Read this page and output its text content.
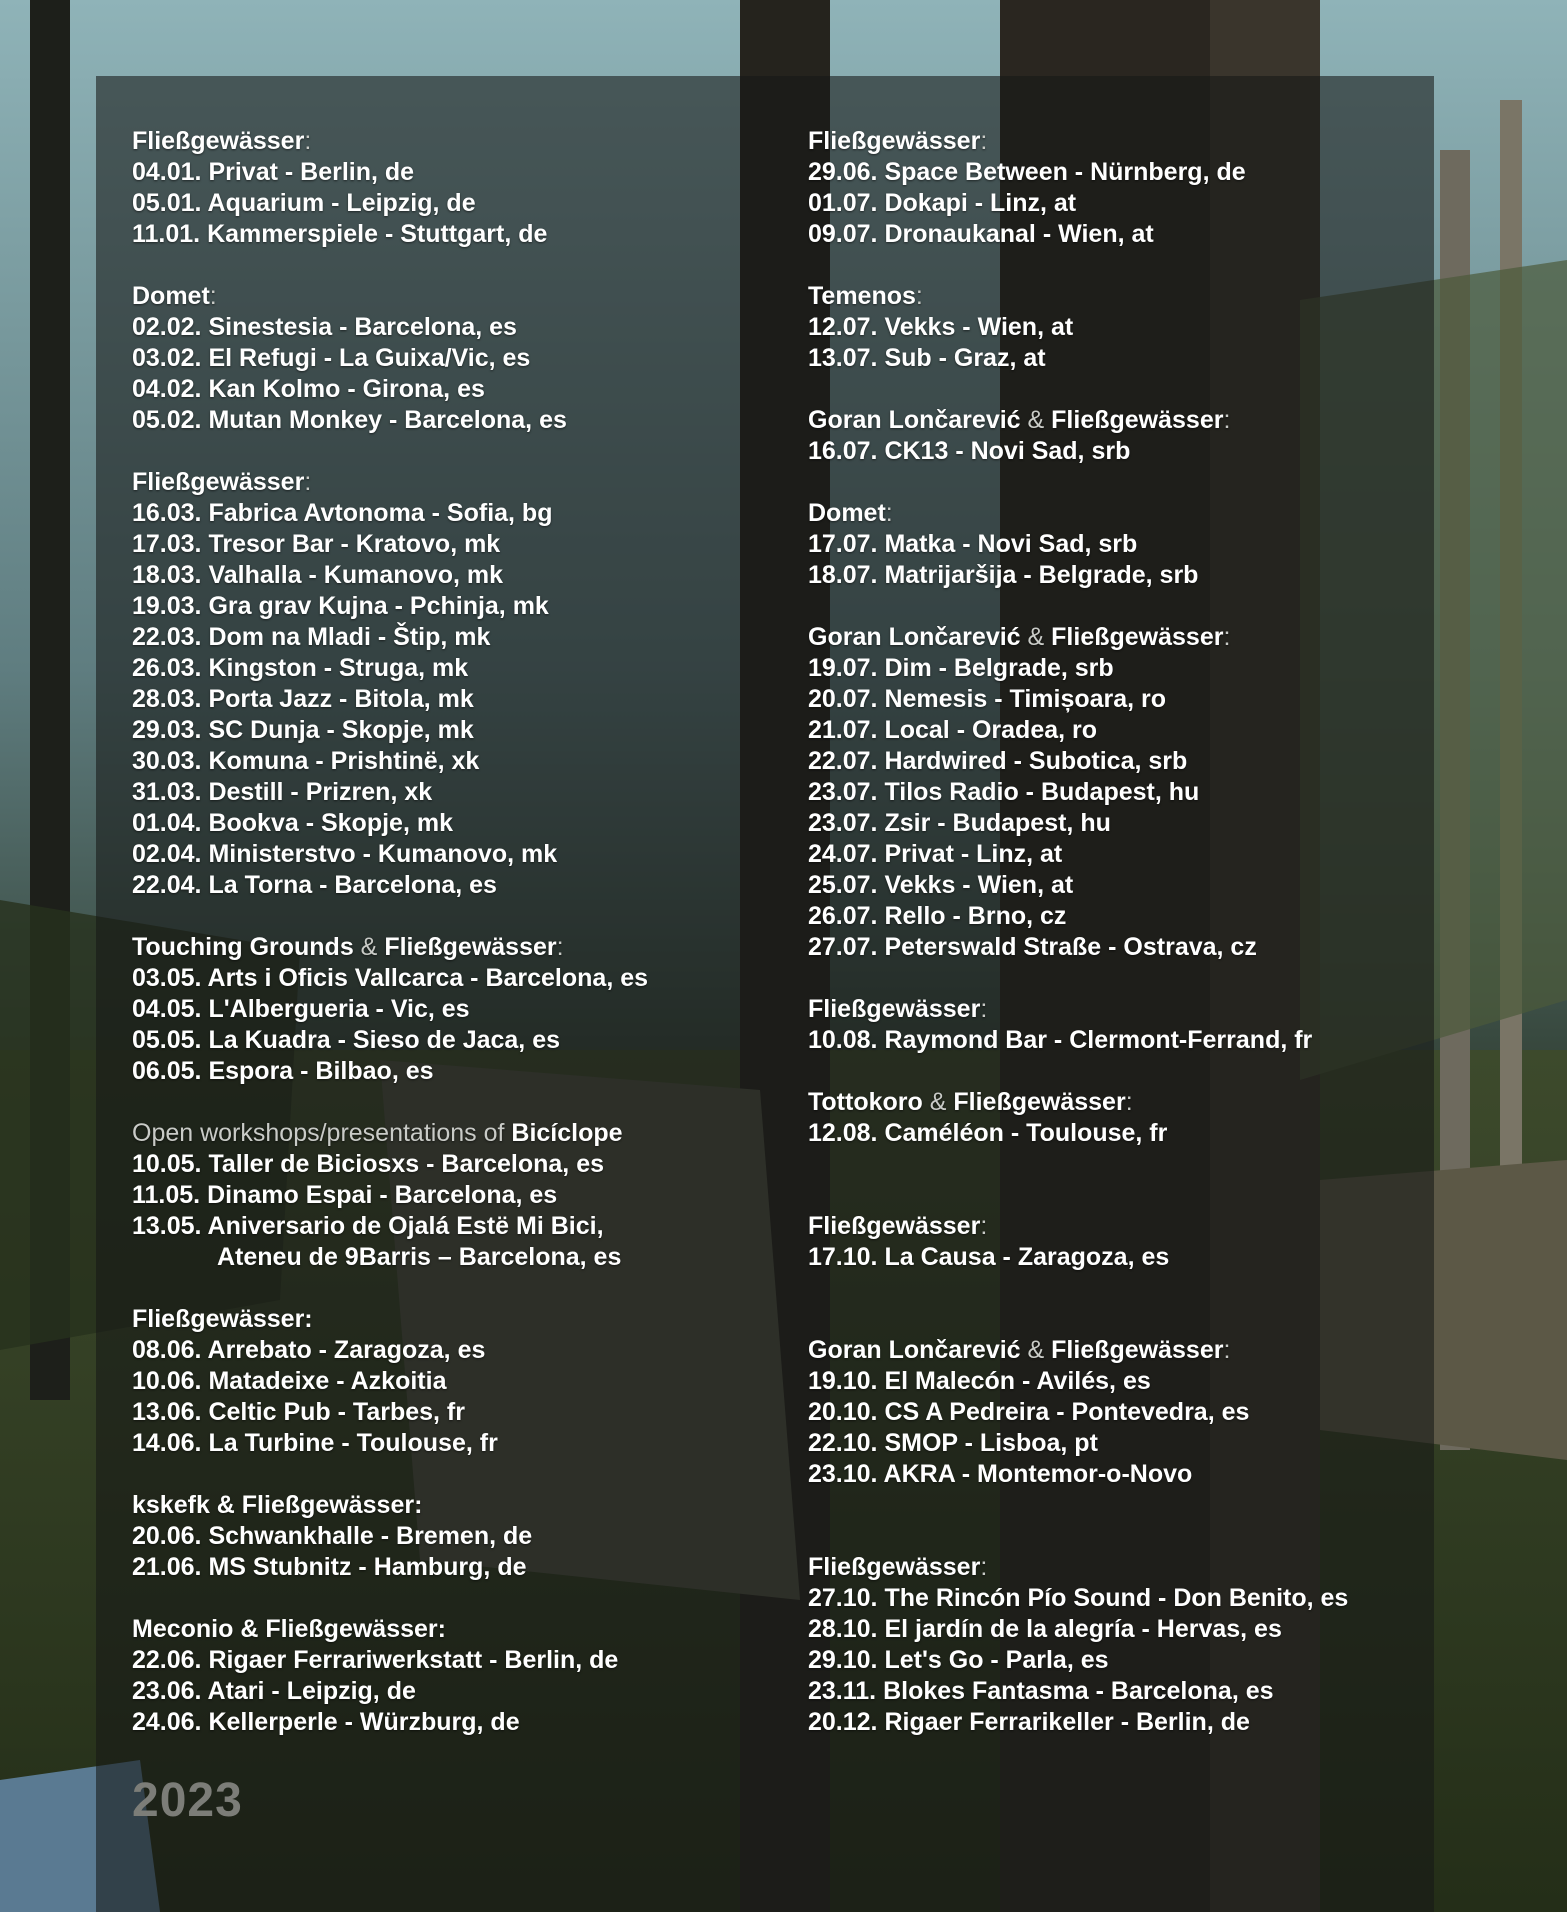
Fließgewässer:
04.01. Privat - Berlin, de
05.01. Aquarium - Leipzig, de
11.01. Kammerspiele - Stuttgart, de
Domet:
02.02. Sinestesia - Barcelona, es
03.02. El Refugi - La Guixa/Vic, es
04.02. Kan Kolmo - Girona, es
05.02. Mutan Monkey - Barcelona, es
Fließgewässer:
16.03. Fabrica Avtonoma - Sofia, bg
17.03. Tresor Bar - Kratovo, mk
18.03. Valhalla - Kumanovo, mk
19.03. Gra grav Kujna - Pchinja, mk
22.03. Dom na Mladi - Štip, mk
26.03. Kingston - Struga, mk
28.03. Porta Jazz - Bitola, mk
29.03. SC Dunja - Skopje, mk
30.03. Komuna - Prishtinë, xk
31.03. Destill - Prizren, xk
01.04. Bookva - Skopje, mk
02.04. Ministerstvo - Kumanovo, mk
22.04. La Torna - Barcelona, es
Touching Grounds & Fließgewässer:
03.05. Arts i Oficis Vallcarca - Barcelona, es
04.05. L'Albergueria - Vic, es
05.05. La Kuadra - Sieso de Jaca, es
06.05. Espora - Bilbao, es
Open workshops/presentations of Bicíclope
10.05. Taller de Biciosxs - Barcelona, es
11.05. Dinamo Espai - Barcelona, es
13.05. Aniversario de Ojalá Estë Mi Bici,
Ateneu de 9Barris – Barcelona, es
Fließgewässer:
08.06. Arrebato - Zaragoza, es
10.06. Matadeixe - Azkoitia
13.06. Celtic Pub - Tarbes, fr
14.06. La Turbine - Toulouse, fr
kskefk & Fließgewässer:
20.06. Schwankhalle - Bremen, de
21.06. MS Stubnitz - Hamburg, de
Meconio & Fließgewässer:
22.06. Rigaer Ferrariwerkstatt - Berlin, de
23.06. Atari - Leipzig, de
24.06. Kellerperle - Würzburg, de
Fließgewässer:
29.06. Space Between - Nürnberg, de
01.07. Dokapi - Linz, at
09.07. Dronaukanal - Wien, at
Temenos:
12.07. Vekks - Wien, at
13.07. Sub - Graz, at
Goran Lončarević & Fließgewässer:
16.07. CK13 - Novi Sad, srb
Domet:
17.07. Matka - Novi Sad, srb
18.07. Matrijaršija - Belgrade, srb
Goran Lončarević & Fließgewässer:
19.07. Dim - Belgrade, srb
20.07. Nemesis - Timișoara, ro
21.07. Local - Oradea, ro
22.07. Hardwired - Subotica, srb
23.07. Tilos Radio - Budapest, hu
23.07. Zsir - Budapest, hu
24.07. Privat - Linz, at
25.07. Vekks - Wien, at
26.07. Rello - Brno, cz
27.07. Peterswald Straße - Ostrava, cz
Fließgewässer:
10.08. Raymond Bar - Clermont-Ferrand, fr
Tottokoro & Fließgewässer:
12.08. Caméléon - Toulouse, fr
Fließgewässer:
17.10. La Causa - Zaragoza, es
Goran Lončarević & Fließgewässer:
19.10. El Malecón - Avilés, es
20.10. CS A Pedreira - Pontevedra, es
22.10. SMOP - Lisboa, pt
23.10. AKRA - Montemor-o-Novo
Fließgewässer:
27.10. The Rincón Pío Sound - Don Benito, es
28.10. El jardín de la alegría - Hervas, es
29.10. Let's Go - Parla, es
23.11. Blokes Fantasma - Barcelona, es
20.12. Rigaer Ferrarikeller - Berlin, de
2023
